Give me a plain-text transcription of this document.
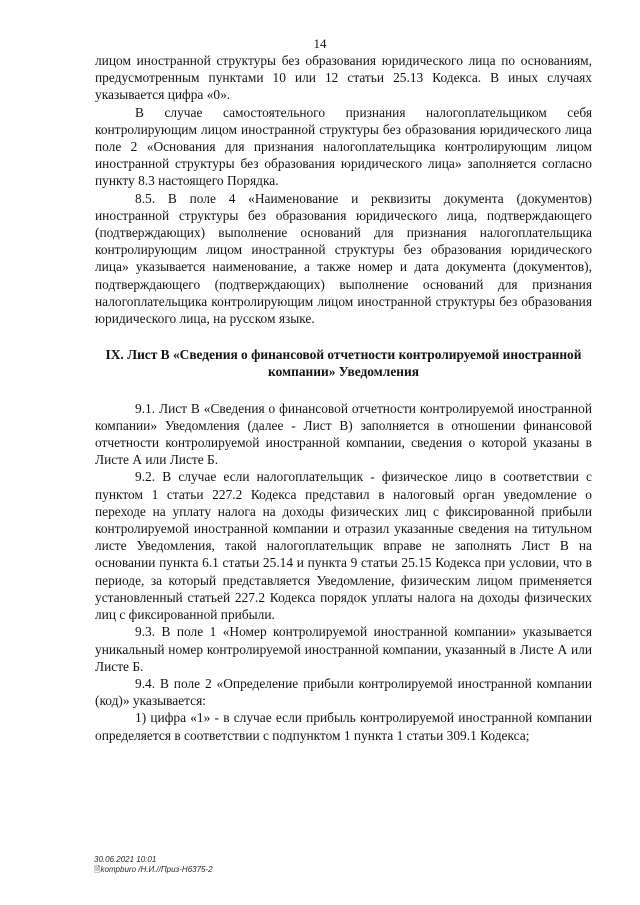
14

лицом иностранной структуры без образования юридического лица по основаниям, предусмотренным пунктами 10 или 12 статьи 25.13 Кодекса. В иных случаях указывается цифра «0».

В случае самостоятельного признания налогоплательщиком себя контролирующим лицом иностранной структуры без образования юридического лица поле 2 «Основания для признания налогоплательщика контролирующим лицом иностранной структуры без образования юридического лица» заполняется согласно пункту 8.3 настоящего Порядка.

8.5. В поле 4 «Наименование и реквизиты документа (документов) иностранной структуры без образования юридического лица, подтверждающего (подтверждающих) выполнение оснований для признания налогоплательщика контролирующим лицом иностранной структуры без образования юридического лица» указывается наименование, а также номер и дата документа (документов), подтверждающего (подтверждающих) выполнение оснований для признания налогоплательщика контролирующим лицом иностранной структуры без образования юридического лица, на русском языке.

IX. Лист В «Сведения о финансовой отчетности контролируемой иностранной компании» Уведомления

9.1. Лист В «Сведения о финансовой отчетности контролируемой иностранной компании» Уведомления (далее - Лист В) заполняется в отношении финансовой отчетности контролируемой иностранной компании, сведения о которой указаны в Листе А или Листе Б.

9.2. В случае если налогоплательщик - физическое лицо в соответствии с пунктом 1 статьи 227.2 Кодекса представил в налоговый орган уведомление о переходе на уплату налога на доходы физических лиц с фиксированной прибыли контролируемой иностранной компании и отразил указанные сведения на титульном листе Уведомления, такой налогоплательщик вправе не заполнять Лист В на основании пункта 6.1 статьи 25.14 и пункта 9 статьи 25.15 Кодекса при условии, что в периоде, за который представляется Уведомление, физическим лицом применяется установленный статьей 227.2 Кодекса порядок уплаты налога на доходы физических лиц с фиксированной прибыли.

9.3. В поле 1 «Номер контролируемой иностранной компании» указывается уникальный номер контролируемой иностранной компании, указанный в Листе А или Листе Б.

9.4. В поле 2 «Определение прибыли контролируемой иностранной компании (код)» указывается:

1) цифра «1» - в случае если прибыль контролируемой иностранной компании определяется в соответствии с подпунктом 1 пункта 1 статьи 309.1 Кодекса;

30.06.2021 10:01
🗎kompburo /Н.И.//Приз-Н6375-2
